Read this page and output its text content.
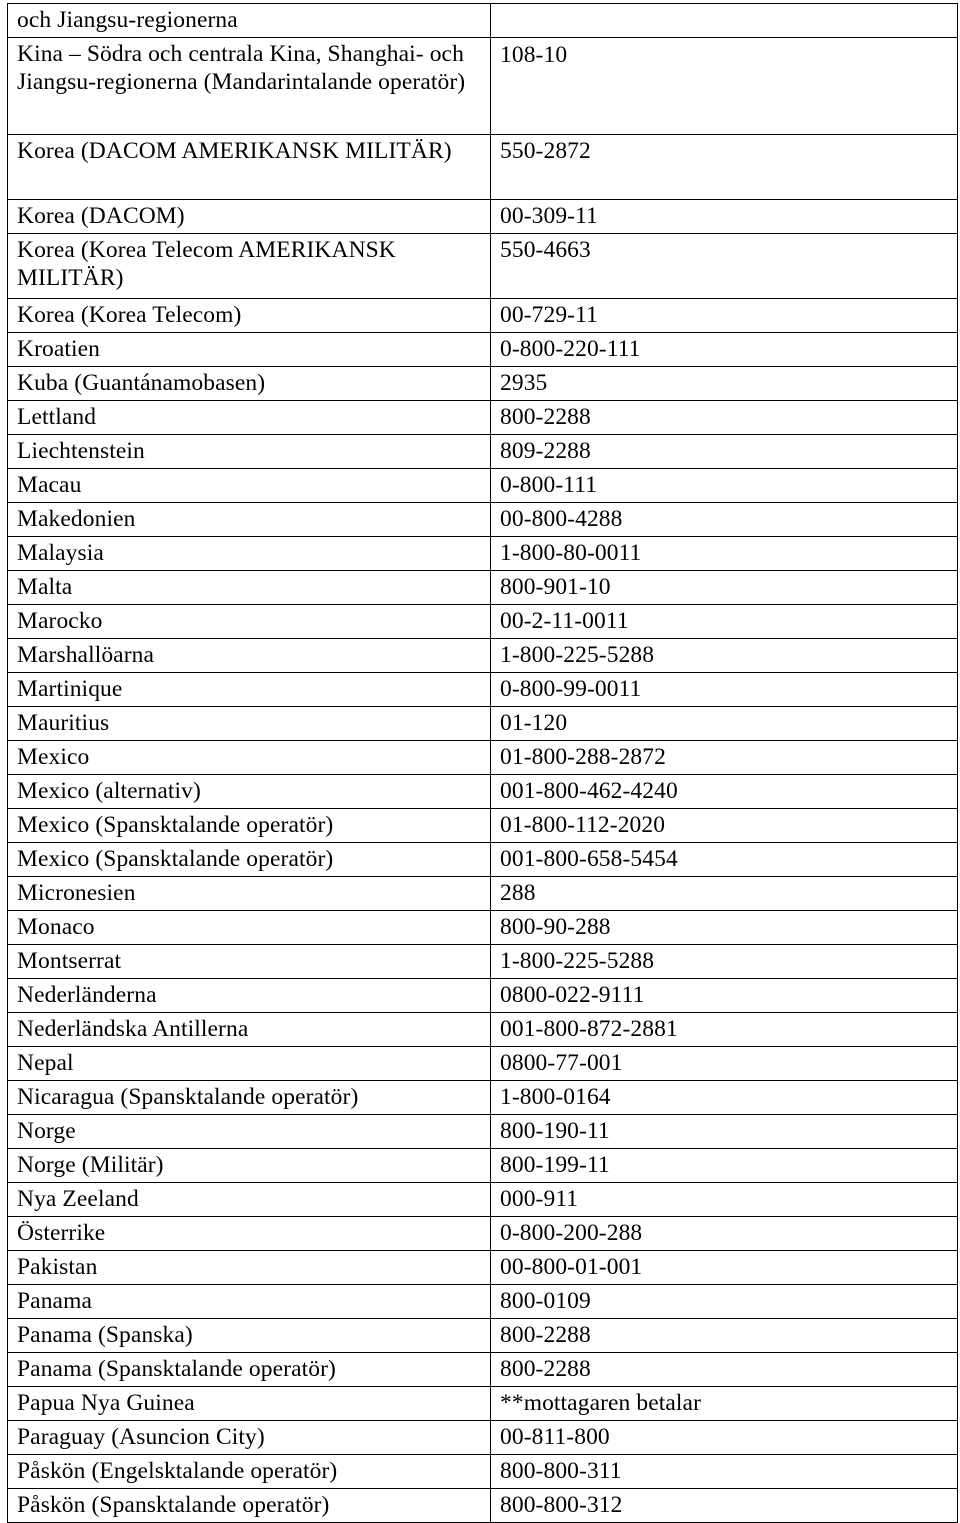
och Jiangsu-regionerna	
Kina – Södra och centrala Kina, Shanghai- och Jiangsu-regionerna (Mandarintalande operatör)	108-10
Korea (DACOM AMERIKANSK MILITÄR)	550-2872
Korea (DACOM)	00-309-11
Korea (Korea Telecom AMERIKANSK MILITÄR)	550-4663
Korea (Korea Telecom)	00-729-11
Kroatien	0-800-220-111
Kuba (Guantánamobasen)	2935
Lettland	800-2288
Liechtenstein	809-2288
Macau	0-800-111
Makedonien	00-800-4288
Malaysia	1-800-80-0011
Malta	800-901-10
Marocko	00-2-11-0011
Marshallöarna	1-800-225-5288
Martinique	0-800-99-0011
Mauritius	01-120
Mexico	01-800-288-2872
Mexico (alternativ)	001-800-462-4240
Mexico (Spansktalande operatör)	01-800-112-2020
Mexico (Spansktalande operatör)	001-800-658-5454
Micronesien	288
Monaco	800-90-288
Montserrat	1-800-225-5288
Nederländerna	0800-022-9111
Nederländska Antillerna	001-800-872-2881
Nepal	0800-77-001
Nicaragua (Spansktalande operatör)	1-800-0164
Norge	800-190-11
Norge (Militär)	800-199-11
Nya Zeeland	000-911
Österrike	0-800-200-288
Pakistan	00-800-01-001
Panama	800-0109
Panama (Spanska)	800-2288
Panama (Spansktalande operatör)	800-2288
Papua Nya Guinea	**mottagaren betalar
Paraguay (Asuncion City)	00-811-800
Påskön (Engelsktalande operatör)	800-800-311
Påskön (Spansktalande operatör)	800-800-312
